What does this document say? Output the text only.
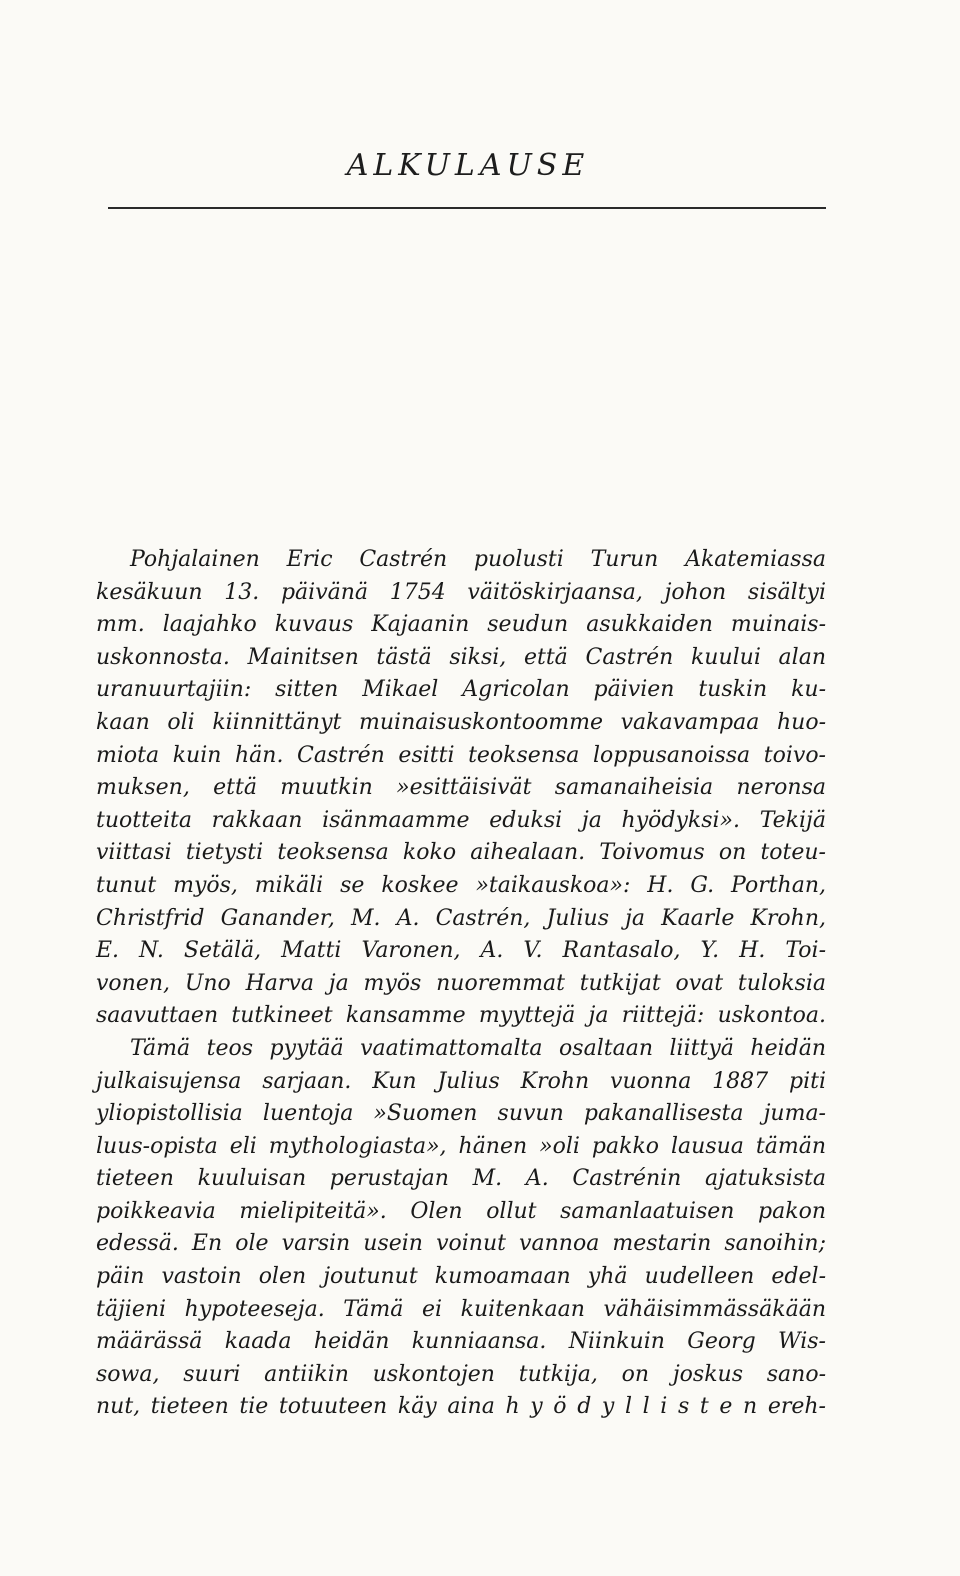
ALKULAUSE
Pohjalainen Eric Castrén puolusti Turun Akatemiassa
kesäkuun 13. päivänä 1754 väitöskirjaansa, johon sisältyi
mm. laajahko kuvaus Kajaanin seudun asukkaiden muinais-
uskonnosta. Mainitsen tästä siksi, että Castrén kuului alan
uranuurtajiin: sitten Mikael Agricolan päivien tuskin ku-
kaan oli kiinnittänyt muinaisuskontoomme vakavampaa huo-
miota kuin hän. Castrén esitti teoksensa loppusanoissa toivo-
muksen, että muutkin »esittäisivät samanaiheisia neronsa
tuotteita rakkaan isänmaamme eduksi ja hyödyksi». Tekijä
viittasi tietysti teoksensa koko aihealaan. Toivomus on toteu-
tunut myös, mikäli se koskee »taikauskoa»: H. G. Porthan,
Christfrid Ganander, M. A. Castrén, Julius ja Kaarle Krohn,
E. N. Setälä, Matti Varonen, A. V. Rantasalo, Y. H. Toi-
vonen, Uno Harva ja myös nuoremmat tutkijat ovat tuloksia
saavuttaen tutkineet kansamme myyttejä ja riittejä: uskontoa.
Tämä teos pyytää vaatimattomalta osaltaan liittyä heidän
julkaisujensa sarjaan. Kun Julius Krohn vuonna 1887 piti
yliopistollisia luentoja »Suomen suvun pakanallisesta juma-
luus-opista eli mythologiasta», hänen »oli pakko lausua tämän
tieteen kuuluisan perustajan M. A. Castrénin ajatuksista
poikkeavia mielipiteitä». Olen ollut samanlaatuisen pakon
edessä. En ole varsin usein voinut vannoa mestarin sanoihin;
päin vastoin olen joutunut kumoamaan yhä uudelleen edel-
täjieni hypoteeseja. Tämä ei kuitenkaan vähäisimmässäkään
määrässä kaada heidän kunniaansa. Niinkuin Georg Wis-
sowa, suuri antiikin uskontojen tutkija, on joskus sano-
nut, tieteen tie totuuteen käy aina h y ö d y l l i s t e n ereh-
